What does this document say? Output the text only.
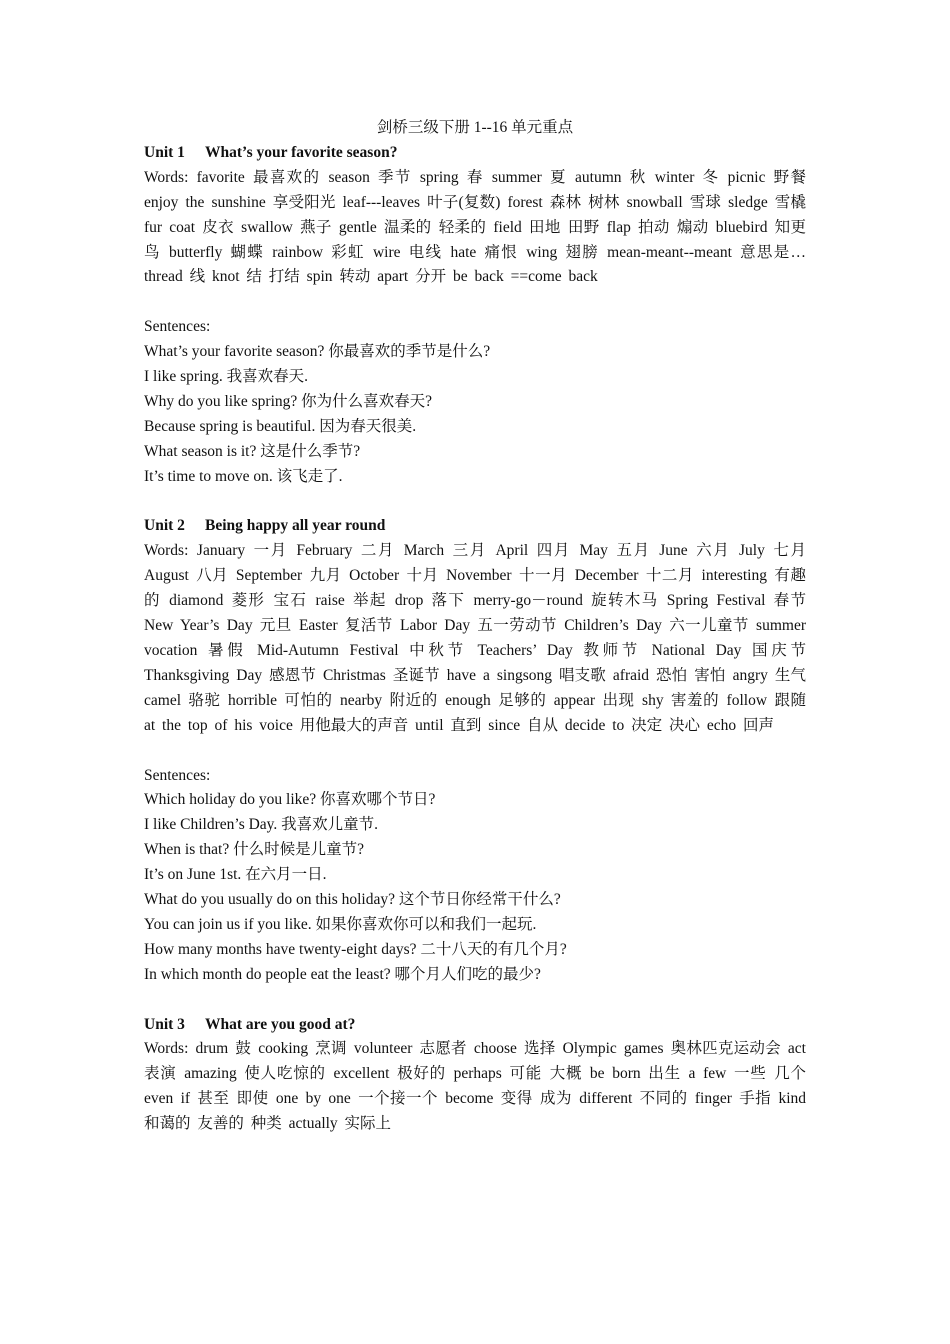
剑桥三级下册 1--16 单元重点

Unit 1 What’s your favorite season?

Words: favorite 最喜欢的 season 季节 spring 春 summer 夏 autumn 秋 winter 冬 picnic 野餐 enjoy the sunshine 享受阳光 leaf---leaves 叶子(复数) forest 森林 树林 snowball 雪球 sledge 雪橇 fur coat 皮衣 swallow 燕子 gentle 温柔的 轻柔的 field 田地 田野 flap 拍动 煽动 bluebird 知更鸟 butterfly 蝴蝶 rainbow 彩虹 wire 电线 hate 痛恨 wing 翅膀 mean-meant--meant 意思是… thread 线 knot 结 打结 spin 转动 apart 分开 be back ==come back

Sentences:

What’s your favorite season? 你最喜欢的季节是什么?

I like spring. 我喜欢春天.

Why do you like spring? 你为什么喜欢春天?

Because spring is beautiful. 因为春天很美.

What season is it? 这是什么季节?

It’s time to move on. 该飞走了.

Unit 2 Being happy all year round

Words: January 一月 February 二月 March 三月 April 四月 May 五月 June 六月 July 七月 August 八月 September 九月 October 十月 November 十一月 December 十二月 interesting 有趣的 diamond 菱形 宝石 raise 举起 drop 落下 merry-go－round 旋转木马 Spring Festival 春节 New Year’s Day 元旦 Easter 复活节 Labor Day 五一劳动节 Children’s Day 六一儿童节 summer vocation 暑假 Mid-Autumn Festival 中秋节 Teachers’ Day 教师节 National Day 国庆节 Thanksgiving Day 感恩节 Christmas 圣诞节 have a singsong 唱支歌 afraid 恐怕 害怕 angry 生气 camel 骆驼 horrible 可怕的 nearby 附近的 enough 足够的 appear 出现 shy 害羞的 follow 跟随 at the top of his voice 用他最大的声音 until 直到 since 自从 decide to 决定 决心 echo 回声

Sentences:

Which holiday do you like? 你喜欢哪个节日?

I like Children’s Day. 我喜欢儿童节.

When is that? 什么时候是儿童节?

It’s on June 1st. 在六月一日.

What do you usually do on this holiday? 这个节日你经常干什么?

You can join us if you like. 如果你喜欢你可以和我们一起玩.

How many months have twenty-eight days? 二十八天的有几个月?

In which month do people eat the least? 哪个月人们吃的最少?

Unit 3 What are you good at?

Words: drum 鼓 cooking 烹调 volunteer 志愿者 choose 选择 Olympic games 奥林匹克运动会 act 表演 amazing 使人吃惊的 excellent 极好的 perhaps 可能 大概 be born 出生 a few 一些 几个 even if 甚至 即使 one by one 一个接一个 become 变得 成为 different 不同的 finger 手指 kind 和蔼的 友善的 种类 actually 实际上
